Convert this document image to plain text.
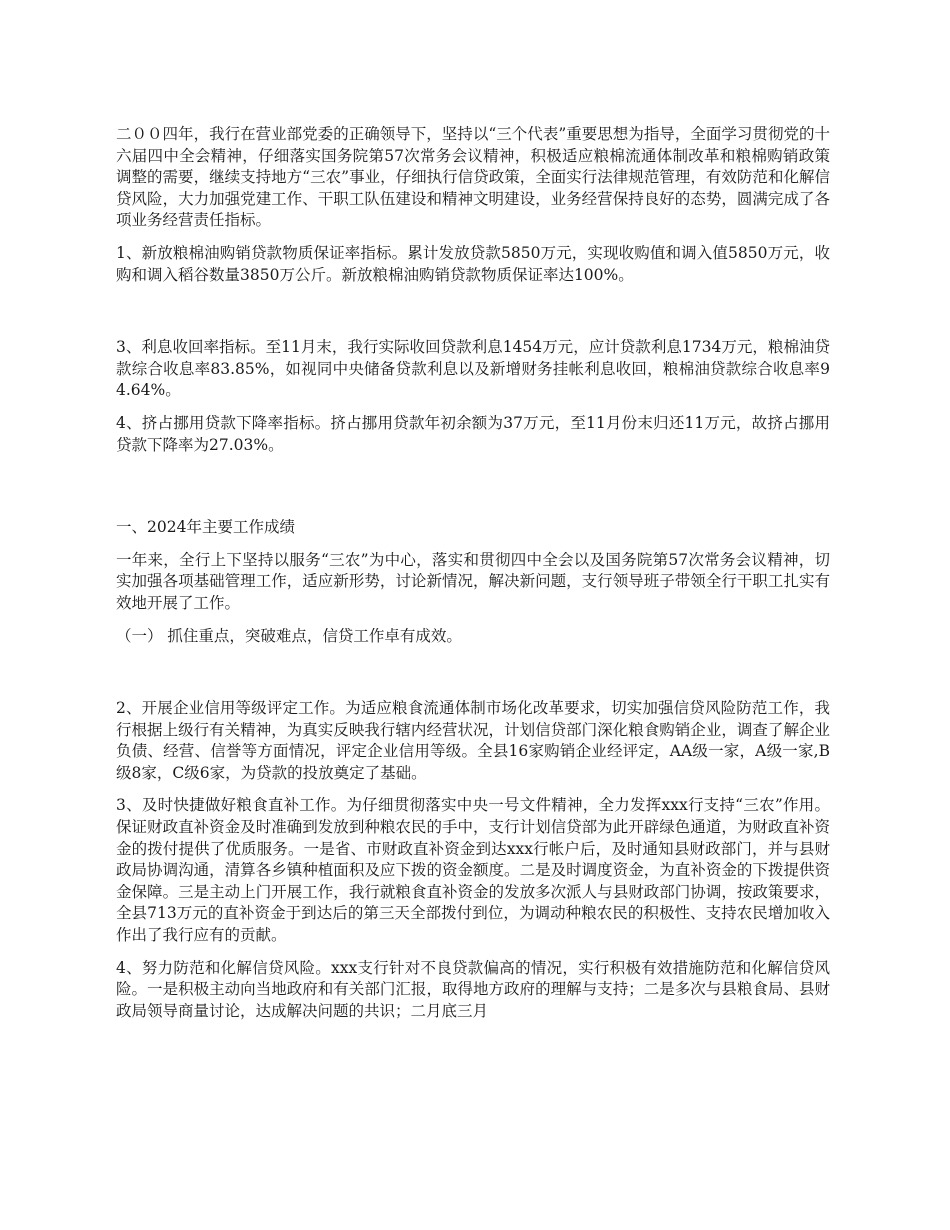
二００四年，我行在营业部党委的正确领导下，坚持以“三个代表”重要思想为指导，全面学习贯彻党的十六届四中全会精神，仔细落实国务院第57次常务会议精神，积极适应粮棉流通体制改革和粮棉购销政策调整的需要，继续支持地方“三农”事业，仔细执行信贷政策，全面实行法律规范管理，有效防范和化解信贷风险，大力加强党建工作、干职工队伍建设和精神文明建设，业务经营保持良好的态势，圆满完成了各项业务经营责任指标。

1、新放粮棉油购销贷款物质保证率指标。累计发放贷款5850万元，实现收购值和调入值5850万元，收购和调入稻谷数量3850万公斤。新放粮棉油购销贷款物质保证率达100%。

3、利息收回率指标。至11月末，我行实际收回贷款利息1454万元，应计贷款利息1734万元，粮棉油贷款综合收息率83.85%，如视同中央储备贷款利息以及新增财务挂帐利息收回，粮棉油贷款综合收息率94.64%。

4、挤占挪用贷款下降率指标。挤占挪用贷款年初余额为37万元，至11月份末归还11万元，故挤占挪用贷款下降率为27.03%。

一、2024年主要工作成绩

一年来，全行上下坚持以服务“三农”为中心，落实和贯彻四中全会以及国务院第57次常务会议精神，切实加强各项基础管理工作，适应新形势，讨论新情况，解决新问题，支行领导班子带领全行干职工扎实有效地开展了工作。

（一） 抓住重点，突破难点，信贷工作卓有成效。

2、开展企业信用等级评定工作。为适应粮食流通体制市场化改革要求，切实加强信贷风险防范工作，我行根据上级行有关精神，为真实反映我行辖内经营状况，计划信贷部门深化粮食购销企业，调查了解企业负债、经营、信誉等方面情况，评定企业信用等级。全县16家购销企业经评定，AA级一家，A级一家,B级8家，C级6家，为贷款的投放奠定了基础。

3、及时快捷做好粮食直补工作。为仔细贯彻落实中央一号文件精神，全力发挥xxx行支持“三农”作用。保证财政直补资金及时准确到发放到种粮农民的手中，支行计划信贷部为此开辟绿色通道，为财政直补资金的拨付提供了优质服务。一是省、市财政直补资金到达xxx行帐户后，及时通知县财政部门，并与县财政局协调沟通，清算各乡镇种植面积及应下拨的资金额度。二是及时调度资金，为直补资金的下拨提供资金保障。三是主动上门开展工作，我行就粮食直补资金的发放多次派人与县财政部门协调，按政策要求，全县713万元的直补资金于到达后的第三天全部拨付到位，为调动种粮农民的积极性、支持农民增加收入作出了我行应有的贡献。

4、努力防范和化解信贷风险。xxx支行针对不良贷款偏高的情况，实行积极有效措施防范和化解信贷风险。一是积极主动向当地政府和有关部门汇报，取得地方政府的理解与支持；二是多次与县粮食局、县财政局领导商量讨论，达成解决问题的共识；二月底三月
